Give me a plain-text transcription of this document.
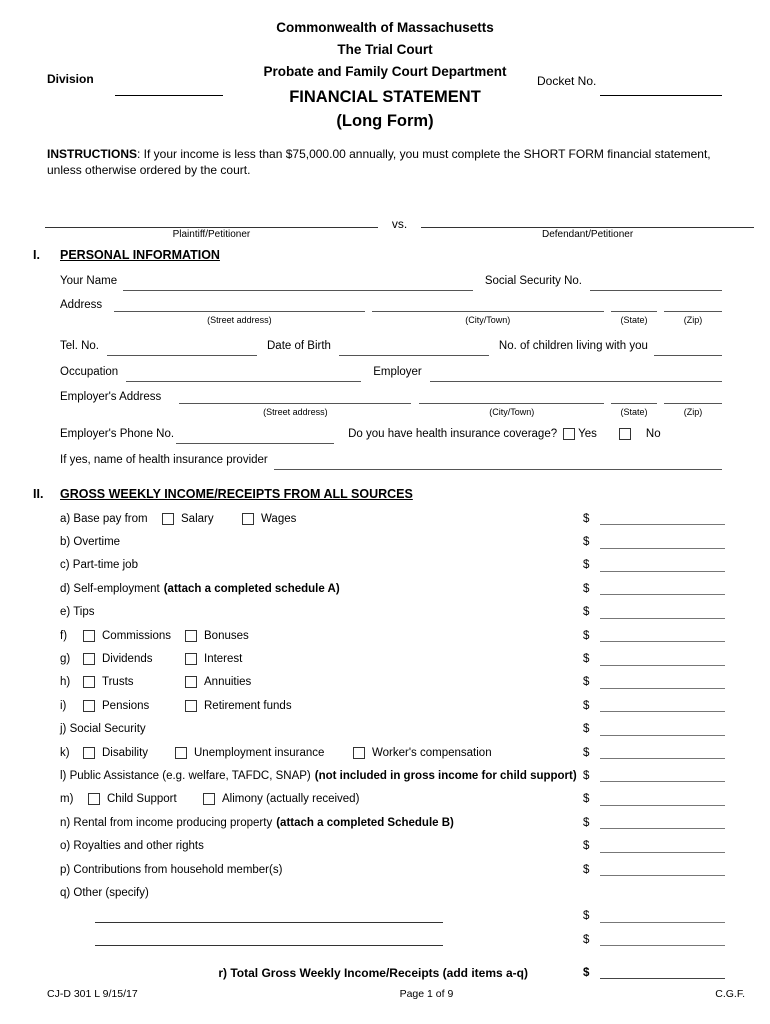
Commonwealth of Massachusetts
The Trial Court
Probate and Family Court Department
FINANCIAL STATEMENT
(Long Form)
Division	Docket No.
INSTRUCTIONS: If your income is less than $75,000.00 annually, you must complete the SHORT FORM financial statement, unless otherwise ordered by the court.
Plaintiff/Petitioner
vs.
Defendant/Petitioner
I. PERSONAL INFORMATION
Your Name	Social Security No.
Address
(Street address)	(City/Town)	(State)	(Zip)
Tel. No.	Date of Birth	No. of children living with you
Occupation	Employer
Employer's Address
(Street address)	(City/Town)	(State)	(Zip)
Employer's Phone No.	Do you have health insurance coverage? Yes	No
If yes, name of health insurance provider
II. GROSS WEEKLY INCOME/RECEIPTS FROM ALL SOURCES
a) Base pay from	Salary	Wages	$
b) Overtime	$
c) Part-time job	$
d) Self-employment (attach a completed schedule A)	$
e) Tips	$
f)	Commissions	Bonuses	$
g)	Dividends	Interest	$
h)	Trusts	Annuities	$
i)	Pensions	Retirement funds	$
j) Social Security	$
k)	Disability	Unemployment insurance	Worker's compensation	$
l) Public Assistance (e.g. welfare, TAFDC, SNAP) (not included in gross income for child support) $
m)	Child Support	Alimony (actually received)	$
n) Rental from income producing property (attach a completed Schedule B)	$
o) Royalties and other rights	$
p) Contributions from household member(s)	$
q) Other (specify)
$
$
r) Total Gross Weekly Income/Receipts (add items a-q)	$
CJ-D 301 L 9/15/17	Page 1 of 9	C.G.F.
